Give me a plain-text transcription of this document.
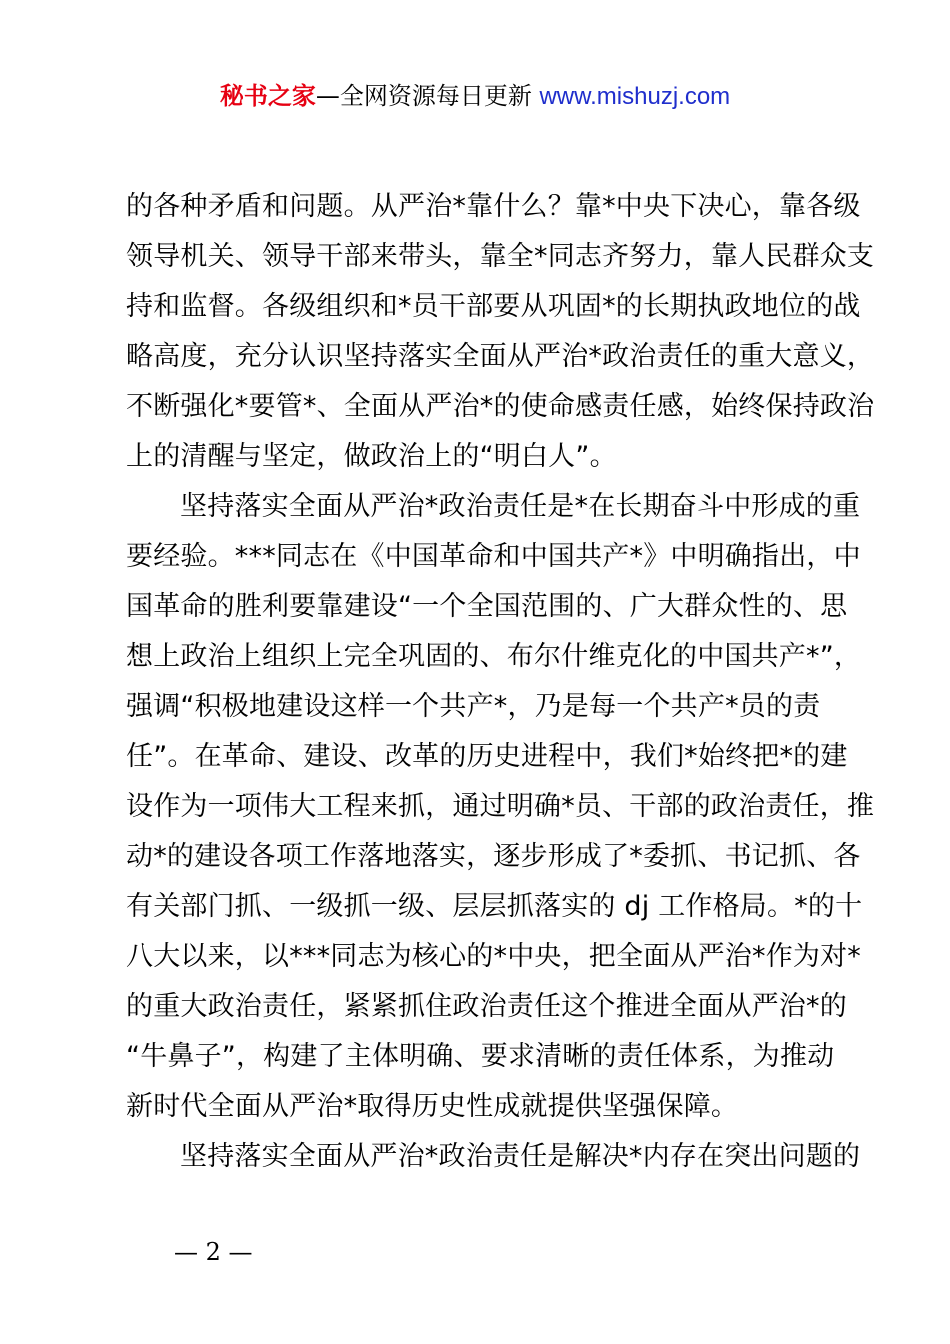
秘书之家—全网资源每日更新 www.mishuzj.com
的各种矛盾和问题。从严治*靠什么？靠*中央下决心，靠各级
领导机关、领导干部来带头，靠全*同志齐努力，靠人民群众支
持和监督。各级组织和*员干部要从巩固*的长期执政地位的战
略高度，充分认识坚持落实全面从严治*政治责任的重大意义，
不断强化*要管*、全面从严治*的使命感责任感，始终保持政治
上的清醒与坚定，做政治上的“明白人”。
坚持落实全面从严治*政治责任是*在长期奋斗中形成的重
要经验。***同志在《中国革命和中国共产*》中明确指出，中
国革命的胜利要靠建设“一个全国范围的、广大群众性的、思
想上政治上组织上完全巩固的、布尔什维克化的中国共产*”，
强调“积极地建设这样一个共产*，乃是每一个共产*员的责
任”。在革命、建设、改革的历史进程中，我们*始终把*的建
设作为一项伟大工程来抓，通过明确*员、干部的政治责任，推
动*的建设各项工作落地落实，逐步形成了*委抓、书记抓、各
有关部门抓、一级抓一级、层层抓落实的 dj 工作格局。*的十
八大以来，以***同志为核心的*中央，把全面从严治*作为对*
的重大政治责任，紧紧抓住政治责任这个推进全面从严治*的
“牛鼻子”，构建了主体明确、要求清晰的责任体系，为推动
新时代全面从严治*取得历史性成就提供坚强保障。
坚持落实全面从严治*政治责任是解决*内存在突出问题的
— 2 —
